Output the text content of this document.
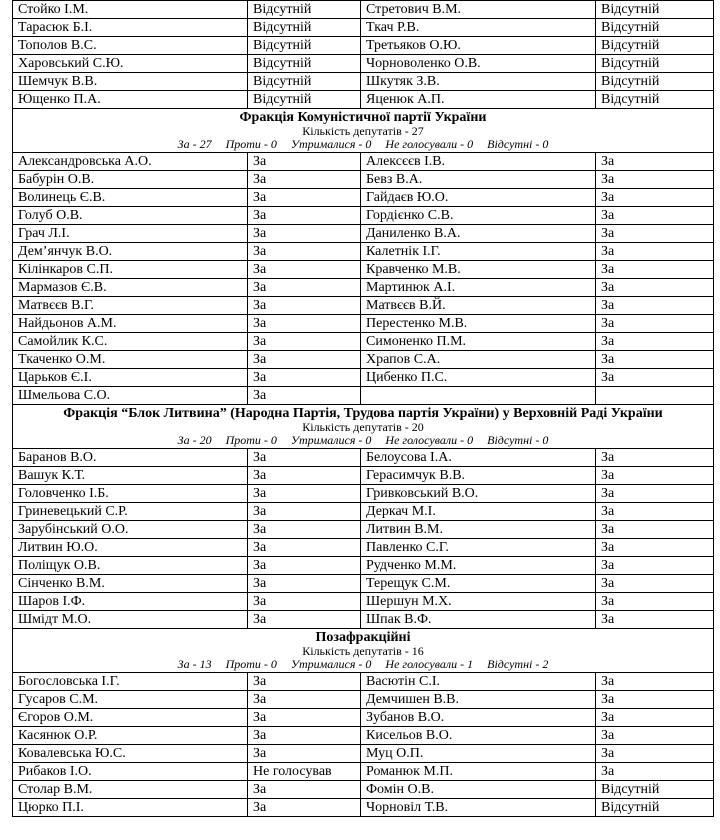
Стойко І.М.	Відсутній	Стретович В.М.	Відсутній
Тарасюк Б.І.	Відсутній	Ткач Р.В.	Відсутній
Тополов В.С.	Відсутній	Третьяков О.Ю.	Відсутній
Харовський С.Ю.	Відсутній	Чорноволенко О.В.	Відсутній
Шемчук В.В.	Відсутній	Шкутяк З.В.	Відсутній
Ющенко П.А.	Відсутній	Яценюк А.П.	Відсутній

Фракція Комуністичної партії України
Кількість депутатів - 27
За - 27 Проти - 0 Утрималися - 0 Не голосували - 0 Відсутні - 0			

Александровська А.О.	За	Алексєєв І.В.	За
Бабурін О.В.	За	Бевз В.А.	За
Волинець Є.В.	За	Гайдаєв Ю.О.	За
Голуб О.В.	За	Гордієнко С.В.	За
Грач Л.І.	За	Даниленко В.А.	За
Дем’янчук В.О.	За	Калетнік І.Г.	За
Кілінкаров С.П.	За	Кравченко М.В.	За
Мармазов Є.В.	За	Мартинюк А.І.	За
Матвєєв В.Г.	За	Матвєєв В.Й.	За
Найдьонов А.М.	За	Перестенко М.В.	За
Самойлик К.С.	За	Симоненко П.М.	За
Ткаченко О.М.	За	Храпов С.А.	За
Царьков Є.І.	За	Цибенко П.С.	За
Шмельова С.О.	За		

Фракція “Блок Литвина” (Народна Партія, Трудова партія України) у Верховній Раді України
Кількість депутатів - 20
За - 20 Проти - 0 Утрималися - 0 Не голосували - 0 Відсутні - 0			

Баранов В.О.	За	Белоусова І.А.	За
Вашук К.Т.	За	Герасимчук В.В.	За
Головченко І.Б.	За	Гривковський В.О.	За
Гриневецький С.Р.	За	Деркач М.І.	За
Зарубінський О.О.	За	Литвин В.М.	За
Литвин Ю.О.	За	Павленко С.Г.	За
Поліщук О.В.	За	Рудченко М.М.	За
Сінченко В.М.	За	Терещук С.М.	За
Шаров І.Ф.	За	Шершун М.Х.	За
Шмідт М.О.	За	Шпак В.Ф.	За

Позафракційні
Кількість депутатів - 16
За - 13 Проти - 0 Утрималися - 0 Не голосували - 1 Відсутні - 2			

Богословська І.Г.	За	Васютін С.І.	За
Гусаров С.М.	За	Демчишен В.В.	За
Єгоров О.М.	За	Зубанов В.О.	За
Касянюк О.Р.	За	Кисельов В.О.	За
Ковалевська Ю.С.	За	Муц О.П.	За
Рибаков І.О.	Не голосував	Романюк М.П.	За
Столар В.М.	За	Фомін О.В.	Відсутній
Цюрко П.І.	За	Чорновіл Т.В.	Відсутній
